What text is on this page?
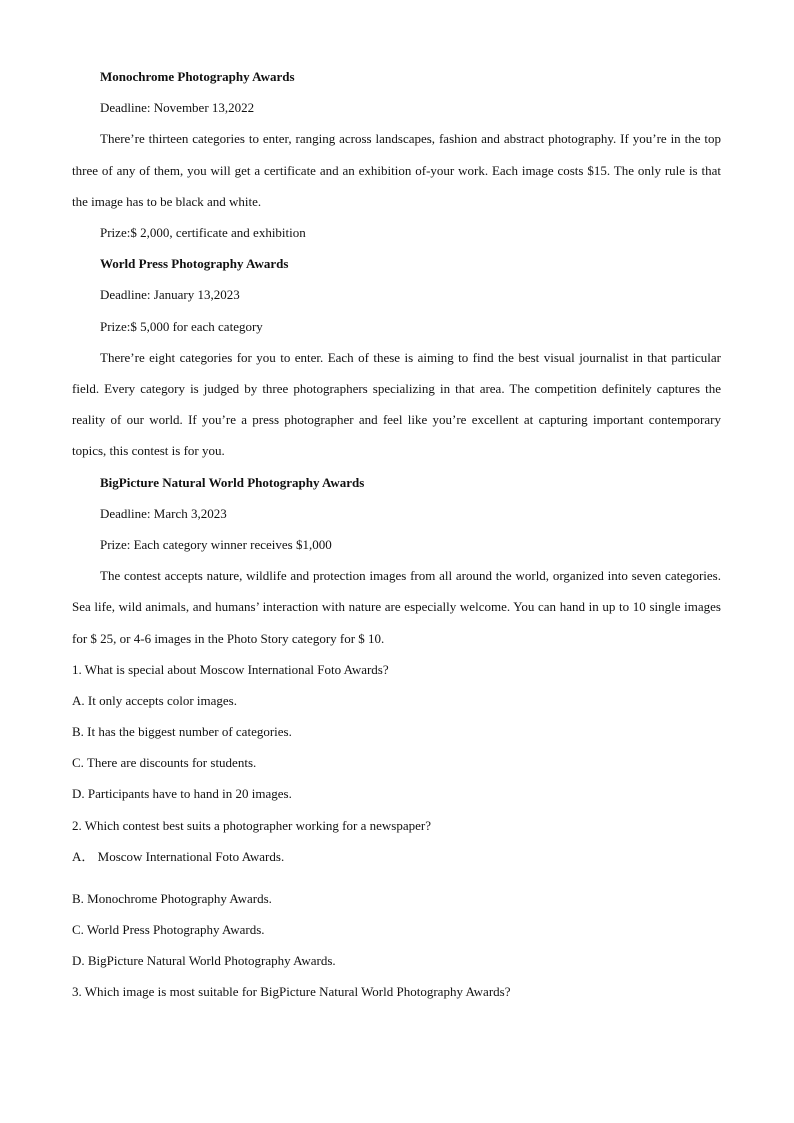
Monochrome Photography Awards
Deadline: November 13,2022

There’re thirteen categories to enter, ranging across landscapes, fashion and abstract photography. If you’re in the top three of any of them, you will get a certificate and an exhibition of-your work. Each image costs $15. The only rule is that the image has to be black and white.

Prize:$ 2,000, certificate and exhibition
World Press Photography Awards
Deadline: January 13,2023
Prize:$ 5,000 for each category

There’re eight categories for you to enter. Each of these is aiming to find the best visual journalist in that particular field. Every category is judged by three photographers specializing in that area. The competition definitely captures the reality of our world. If you’re a press photographer and feel like you’re excellent at capturing important contemporary topics, this contest is for you.

BigPicture Natural World Photography Awards
Deadline: March 3,2023
Prize: Each category winner receives $1,000

The contest accepts nature, wildlife and protection images from all around the world, organized into seven categories. Sea life, wild animals, and humans’ interaction with nature are especially welcome. You can hand in up to 10 single images for $ 25, or 4-6 images in the Photo Story category for $ 10.

1. What is special about Moscow International Foto Awards?
A. It only accepts color images.
B. It has the biggest number of categories.
C. There are discounts for students.
D. Participants have to hand in 20 images.
2. Which contest best suits a photographer working for a newspaper?
A． Moscow International Foto Awards.
B. Monochrome Photography Awards.
C. World Press Photography Awards.
D. BigPicture Natural World Photography Awards.
3. Which image is most suitable for BigPicture Natural World Photography Awards?
